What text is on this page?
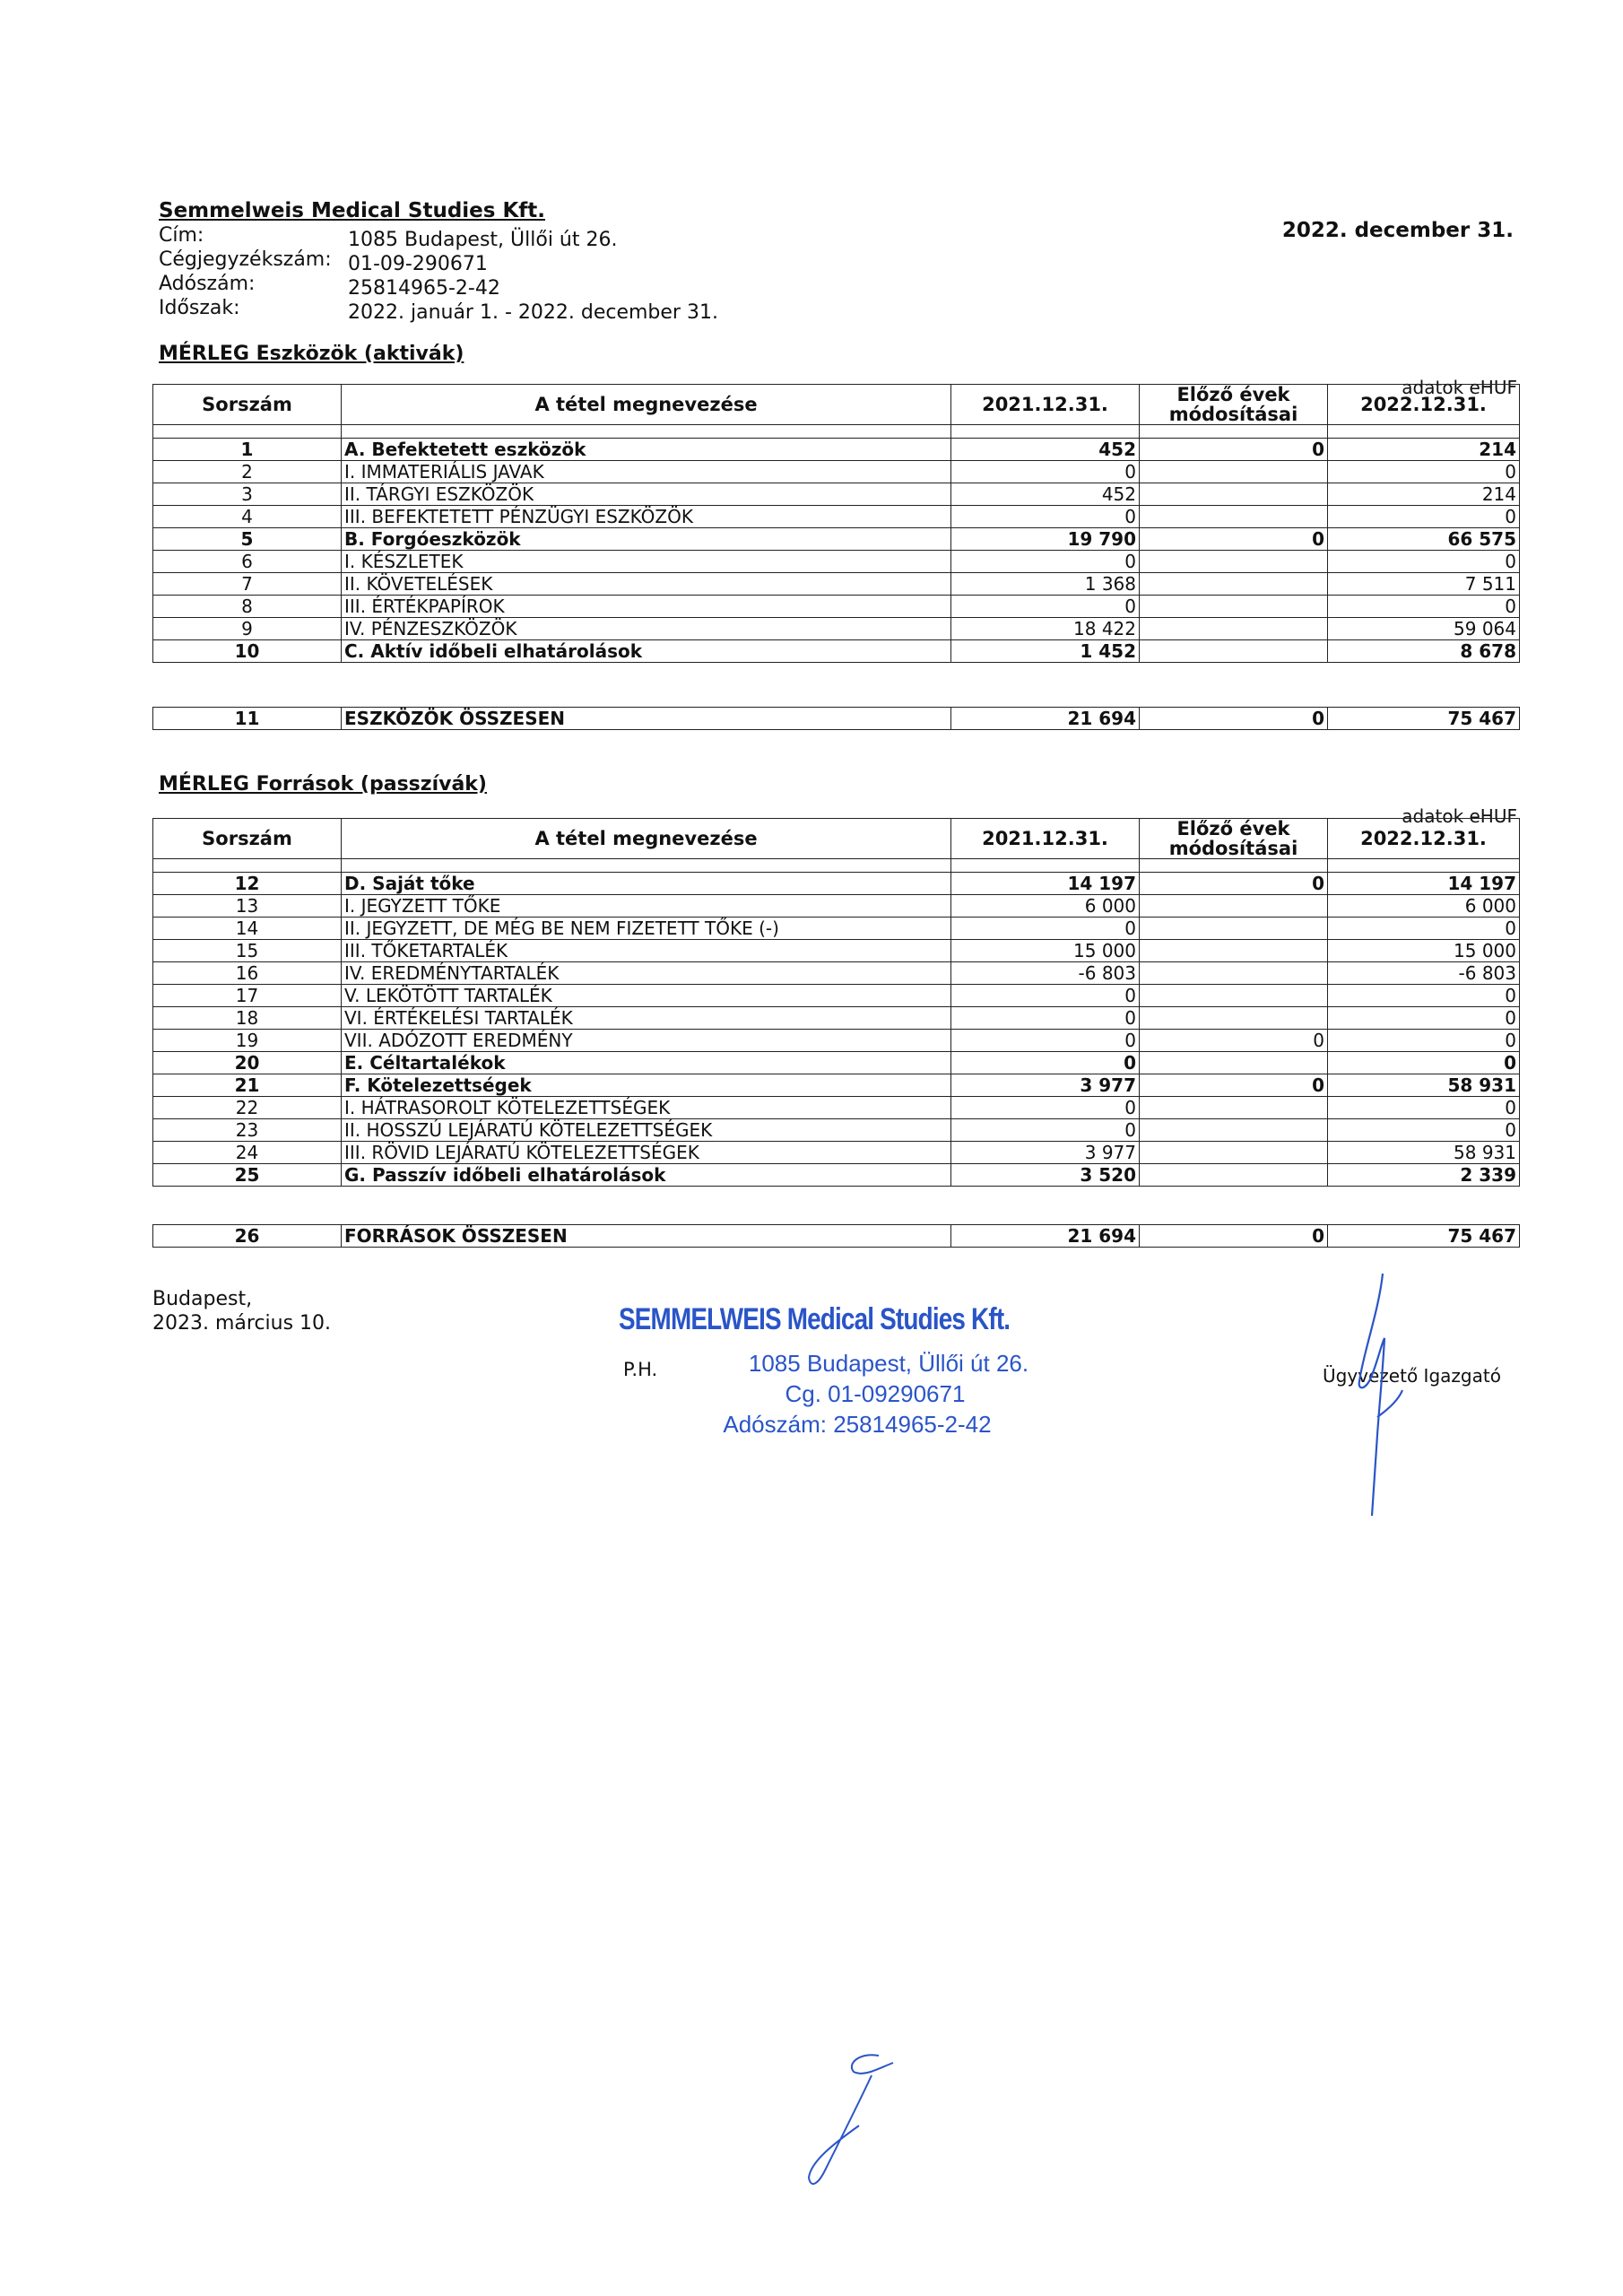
Semmelweis Medical Studies Kft.
2022. december 31.
Cím:	1085 Budapest, Üllői út 26.
Cégjegyzékszám: 01-09-290671
Adószám:	25814965-2-42
Időszak:	2022. január 1. - 2022. december 31.
MÉRLEG Eszközök (aktivák)
adatok eHUF
Sorszám	A tétel megnevezése	2021.12.31.	Előző évek módosításai	2022.12.31.

1	A. Befektetett eszközök	452	0	214
2	I. IMMATERIÁLIS JAVAK	0		0
3	II. TÁRGYI ESZKÖZÖK	452		214
4	III. BEFEKTETETT PÉNZÜGYI ESZKÖZÖK	0		0
5	B. Forgóeszközök	19 790	0	66 575
6	I. KÉSZLETEK	0		0
7	II. KÖVETELÉSEK	1 368		7 511
8	III. ÉRTÉKPAPÍROK	0		0
9	IV. PÉNZESZKÖZÖK	18 422		59 064
10	C. Aktív időbeli elhatárolások	1 452		8 678
11	ESZKÖZÖK ÖSSZESEN	21 694	0	75 467
MÉRLEG Források (passzívák)
adatok eHUF
Sorszám	A tétel megnevezése	2021.12.31.	Előző évek módosításai	2022.12.31.

12	D. Saját tőke	14 197	0	14 197
13	I. JEGYZETT TŐKE	6 000		6 000
14	II. JEGYZETT, DE MÉG BE NEM FIZETETT TŐKE (-)	0		0
15	III. TŐKETARTALÉK	15 000		15 000
16	IV. EREDMÉNYTARTALÉK	-6 803		-6 803
17	V. LEKÖTÖTT TARTALÉK	0		0
18	VI. ÉRTÉKELÉSI TARTALÉK	0		0
19	VII. ADÓZOTT EREDMÉNY	0	0	0
20	E. Céltartalékok	0		0
21	F. Kötelezettségek	3 977	0	58 931
22	I. HÁTRASOROLT KÖTELEZETTSÉGEK	0		0
23	II. HOSSZÚ LEJÁRATÚ KÖTELEZETTSÉGEK	0		0
24	III. RÖVID LEJÁRATÚ KÖTELEZETTSÉGEK	3 977		58 931
25	G. Passzív időbeli elhatárolások	3 520		2 339
26	FORRÁSOK ÖSSZESEN	21 694	0	75 467
Budapest,
2023. március 10.
P.H.
SEMMELWEIS Medical Studies Kft.
1085 Budapest, Üllői út 26.
Cg. 01-09290671
Adószám: 25814965-2-42
Ügyvezető Igazgató
